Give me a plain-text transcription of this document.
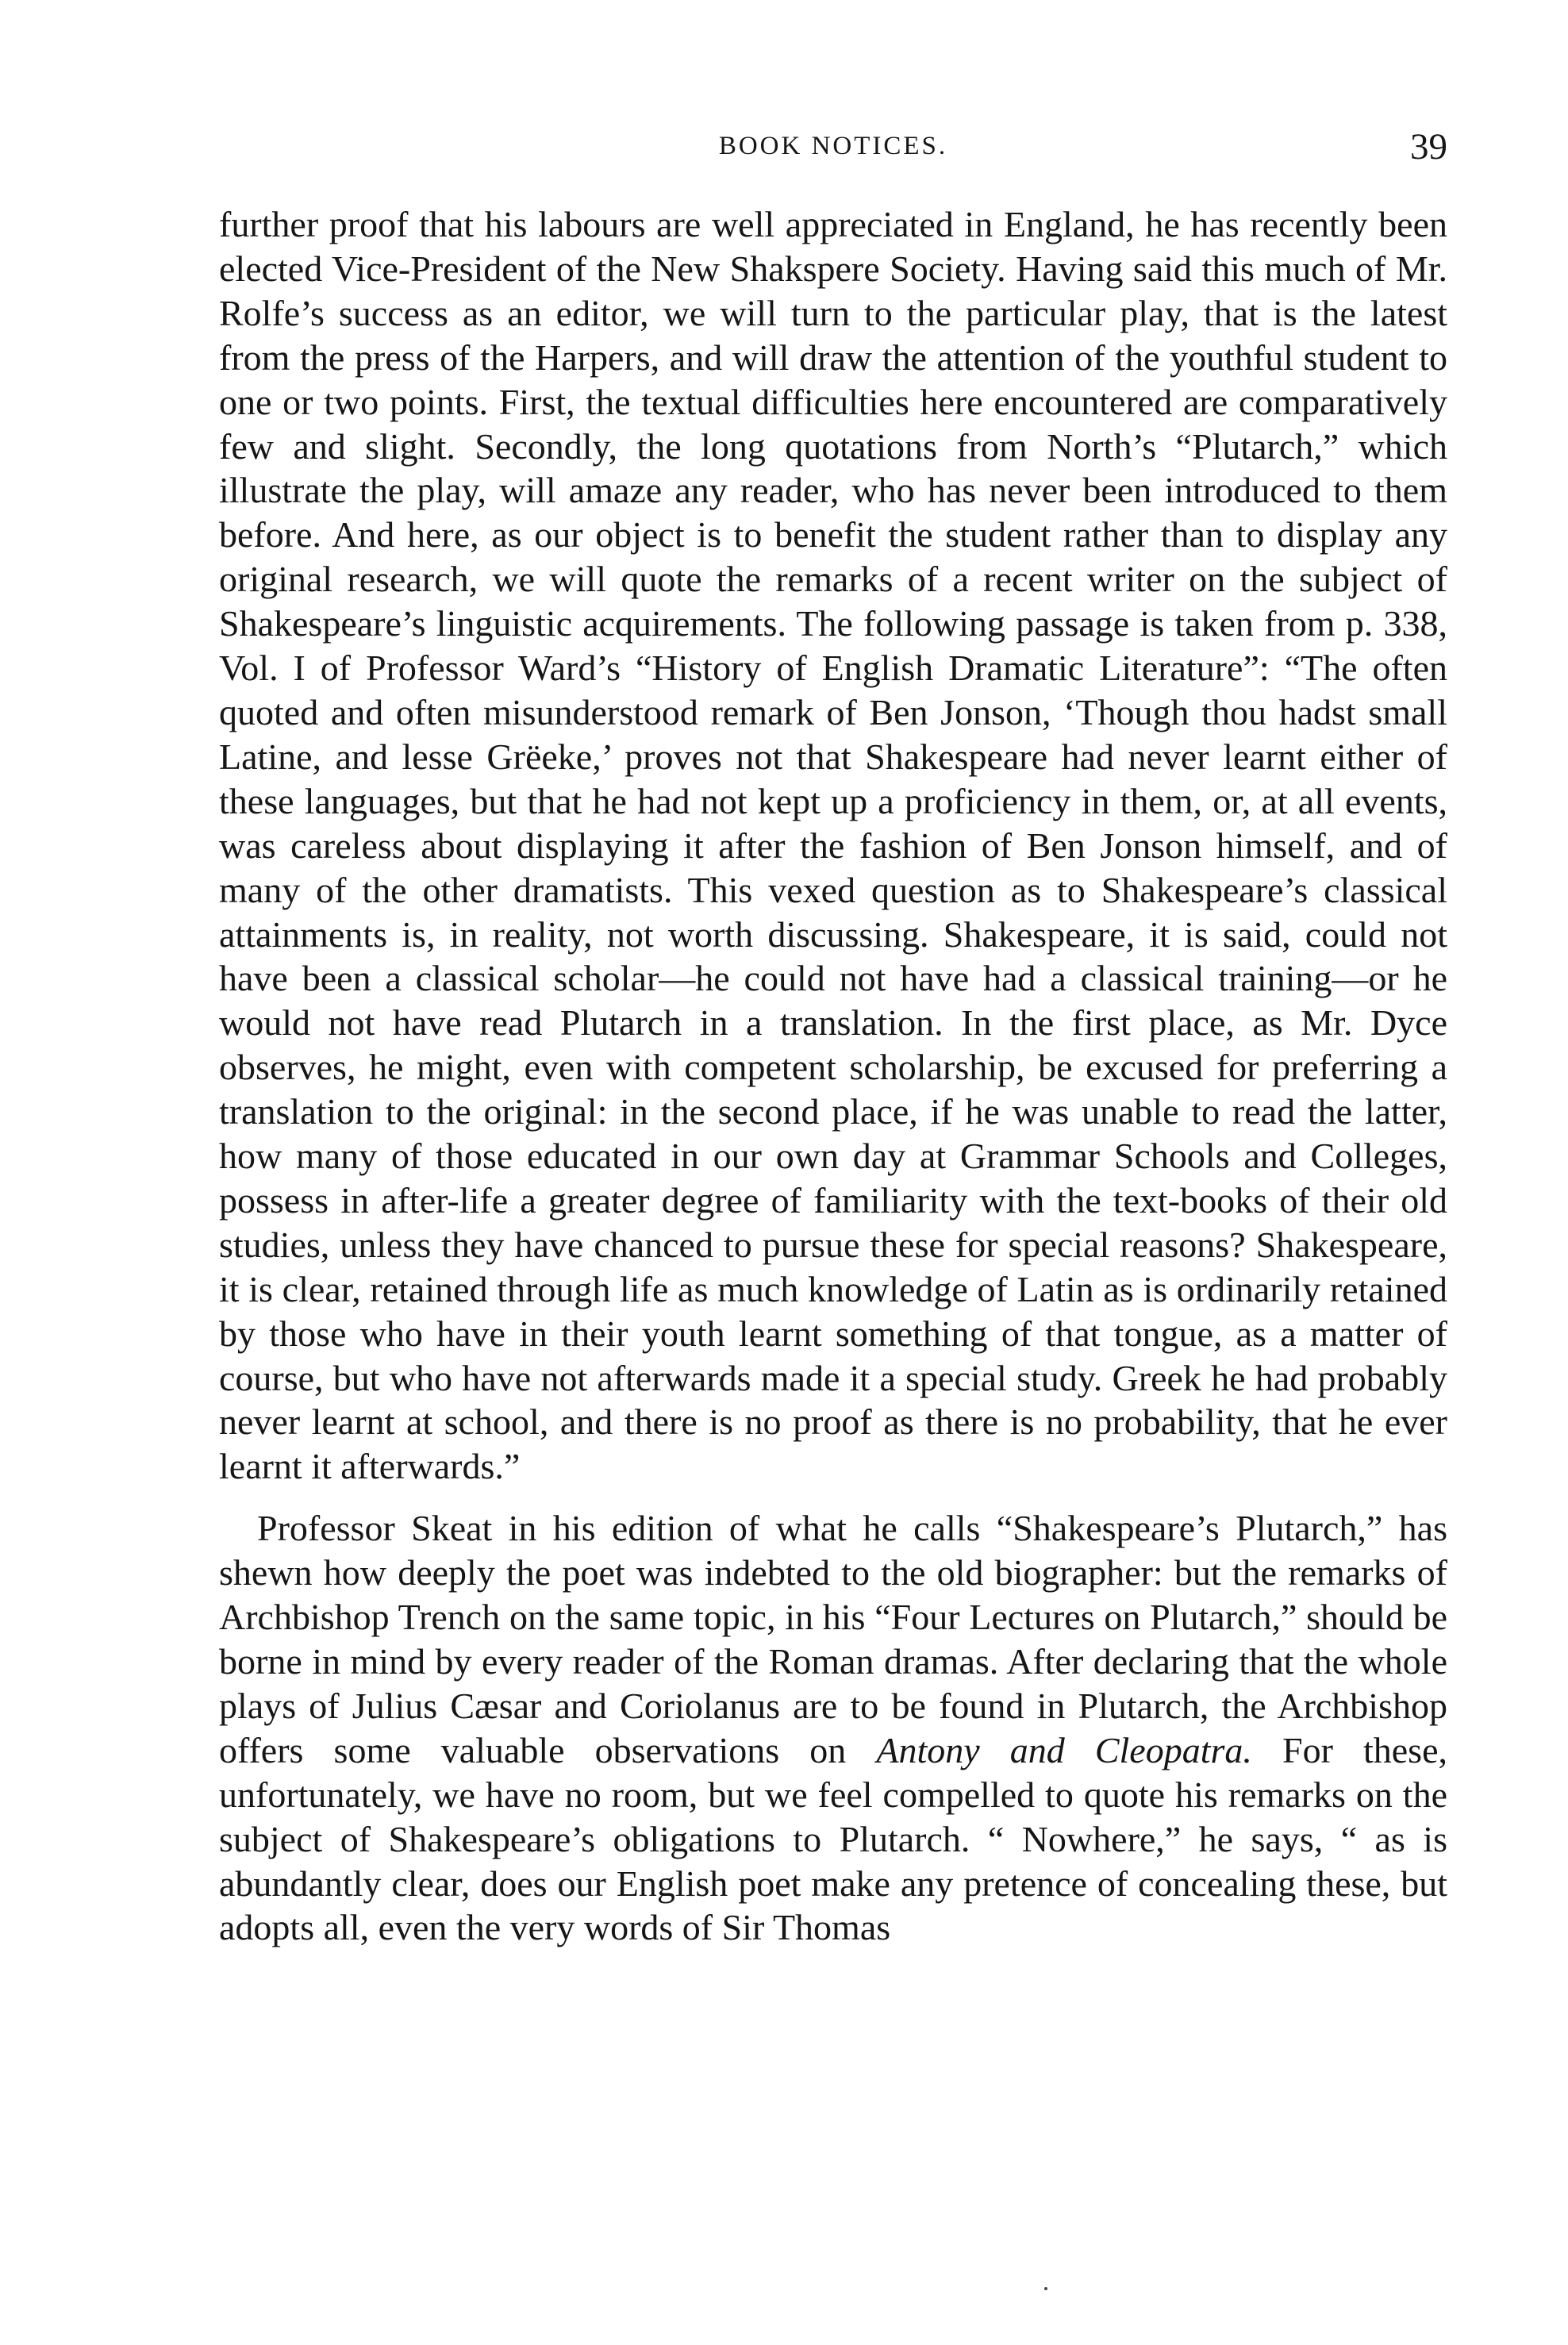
BOOK NOTICES.	39

further proof that his labours are well appreciated in England, he has recently been elected Vice-President of the New Shakspere Society. Having said this much of Mr. Rolfe’s success as an editor, we will turn to the particular play, that is the latest from the press of the Harpers, and will draw the attention of the youthful student to one or two points. First, the textual difficulties here encountered are comparatively few and slight. Secondly, the long quotations from North’s “Plutarch,” which illustrate the play, will amaze any reader, who has never been introduced to them before. And here, as our object is to benefit the student rather than to display any original research, we will quote the remarks of a recent writer on the subject of Shakespeare’s linguistic acquirements. The following passage is taken from p. 338, Vol. I of Professor Ward’s “History of English Dramatic Literature”: “The often quoted and often misunderstood remark of Ben Jonson, ‘Though thou hadst small Latine, and lesse Grëeke,’ proves not that Shakespeare had never learnt either of these languages, but that he had not kept up a proficiency in them, or, at all events, was careless about displaying it after the fashion of Ben Jonson himself, and of many of the other dramatists. This vexed question as to Shakespeare’s classical attainments is, in reality, not worth discussing. Shakespeare, it is said, could not have been a classical scholar—he could not have had a classical training—or he would not have read Plutarch in a translation. In the first place, as Mr. Dyce observes, he might, even with competent scholarship, be excused for preferring a translation to the original: in the second place, if he was unable to read the latter, how many of those educated in our own day at Grammar Schools and Colleges, possess in after-life a greater degree of familiarity with the text-books of their old studies, unless they have chanced to pursue these for special reasons? Shakespeare, it is clear, retained through life as much knowledge of Latin as is ordinarily retained by those who have in their youth learnt something of that tongue, as a matter of course, but who have not afterwards made it a special study. Greek he had probably never learnt at school, and there is no proof as there is no probability, that he ever learnt it afterwards.”

Professor Skeat in his edition of what he calls “Shakespeare’s Plutarch,” has shewn how deeply the poet was indebted to the old biographer: but the remarks of Archbishop Trench on the same topic, in his “Four Lectures on Plutarch,” should be borne in mind by every reader of the Roman dramas. After declaring that the whole plays of Julius Cæsar and Coriolanus are to be found in Plutarch, the Archbishop offers some valuable observations on Antony and Cleopatra. For these, unfortunately, we have no room, but we feel compelled to quote his remarks on the subject of Shakespeare’s obligations to Plutarch. “ Nowhere,” he says, “ as is abundantly clear, does our English poet make any pretence of concealing these, but adopts all, even the very words of Sir Thomas
